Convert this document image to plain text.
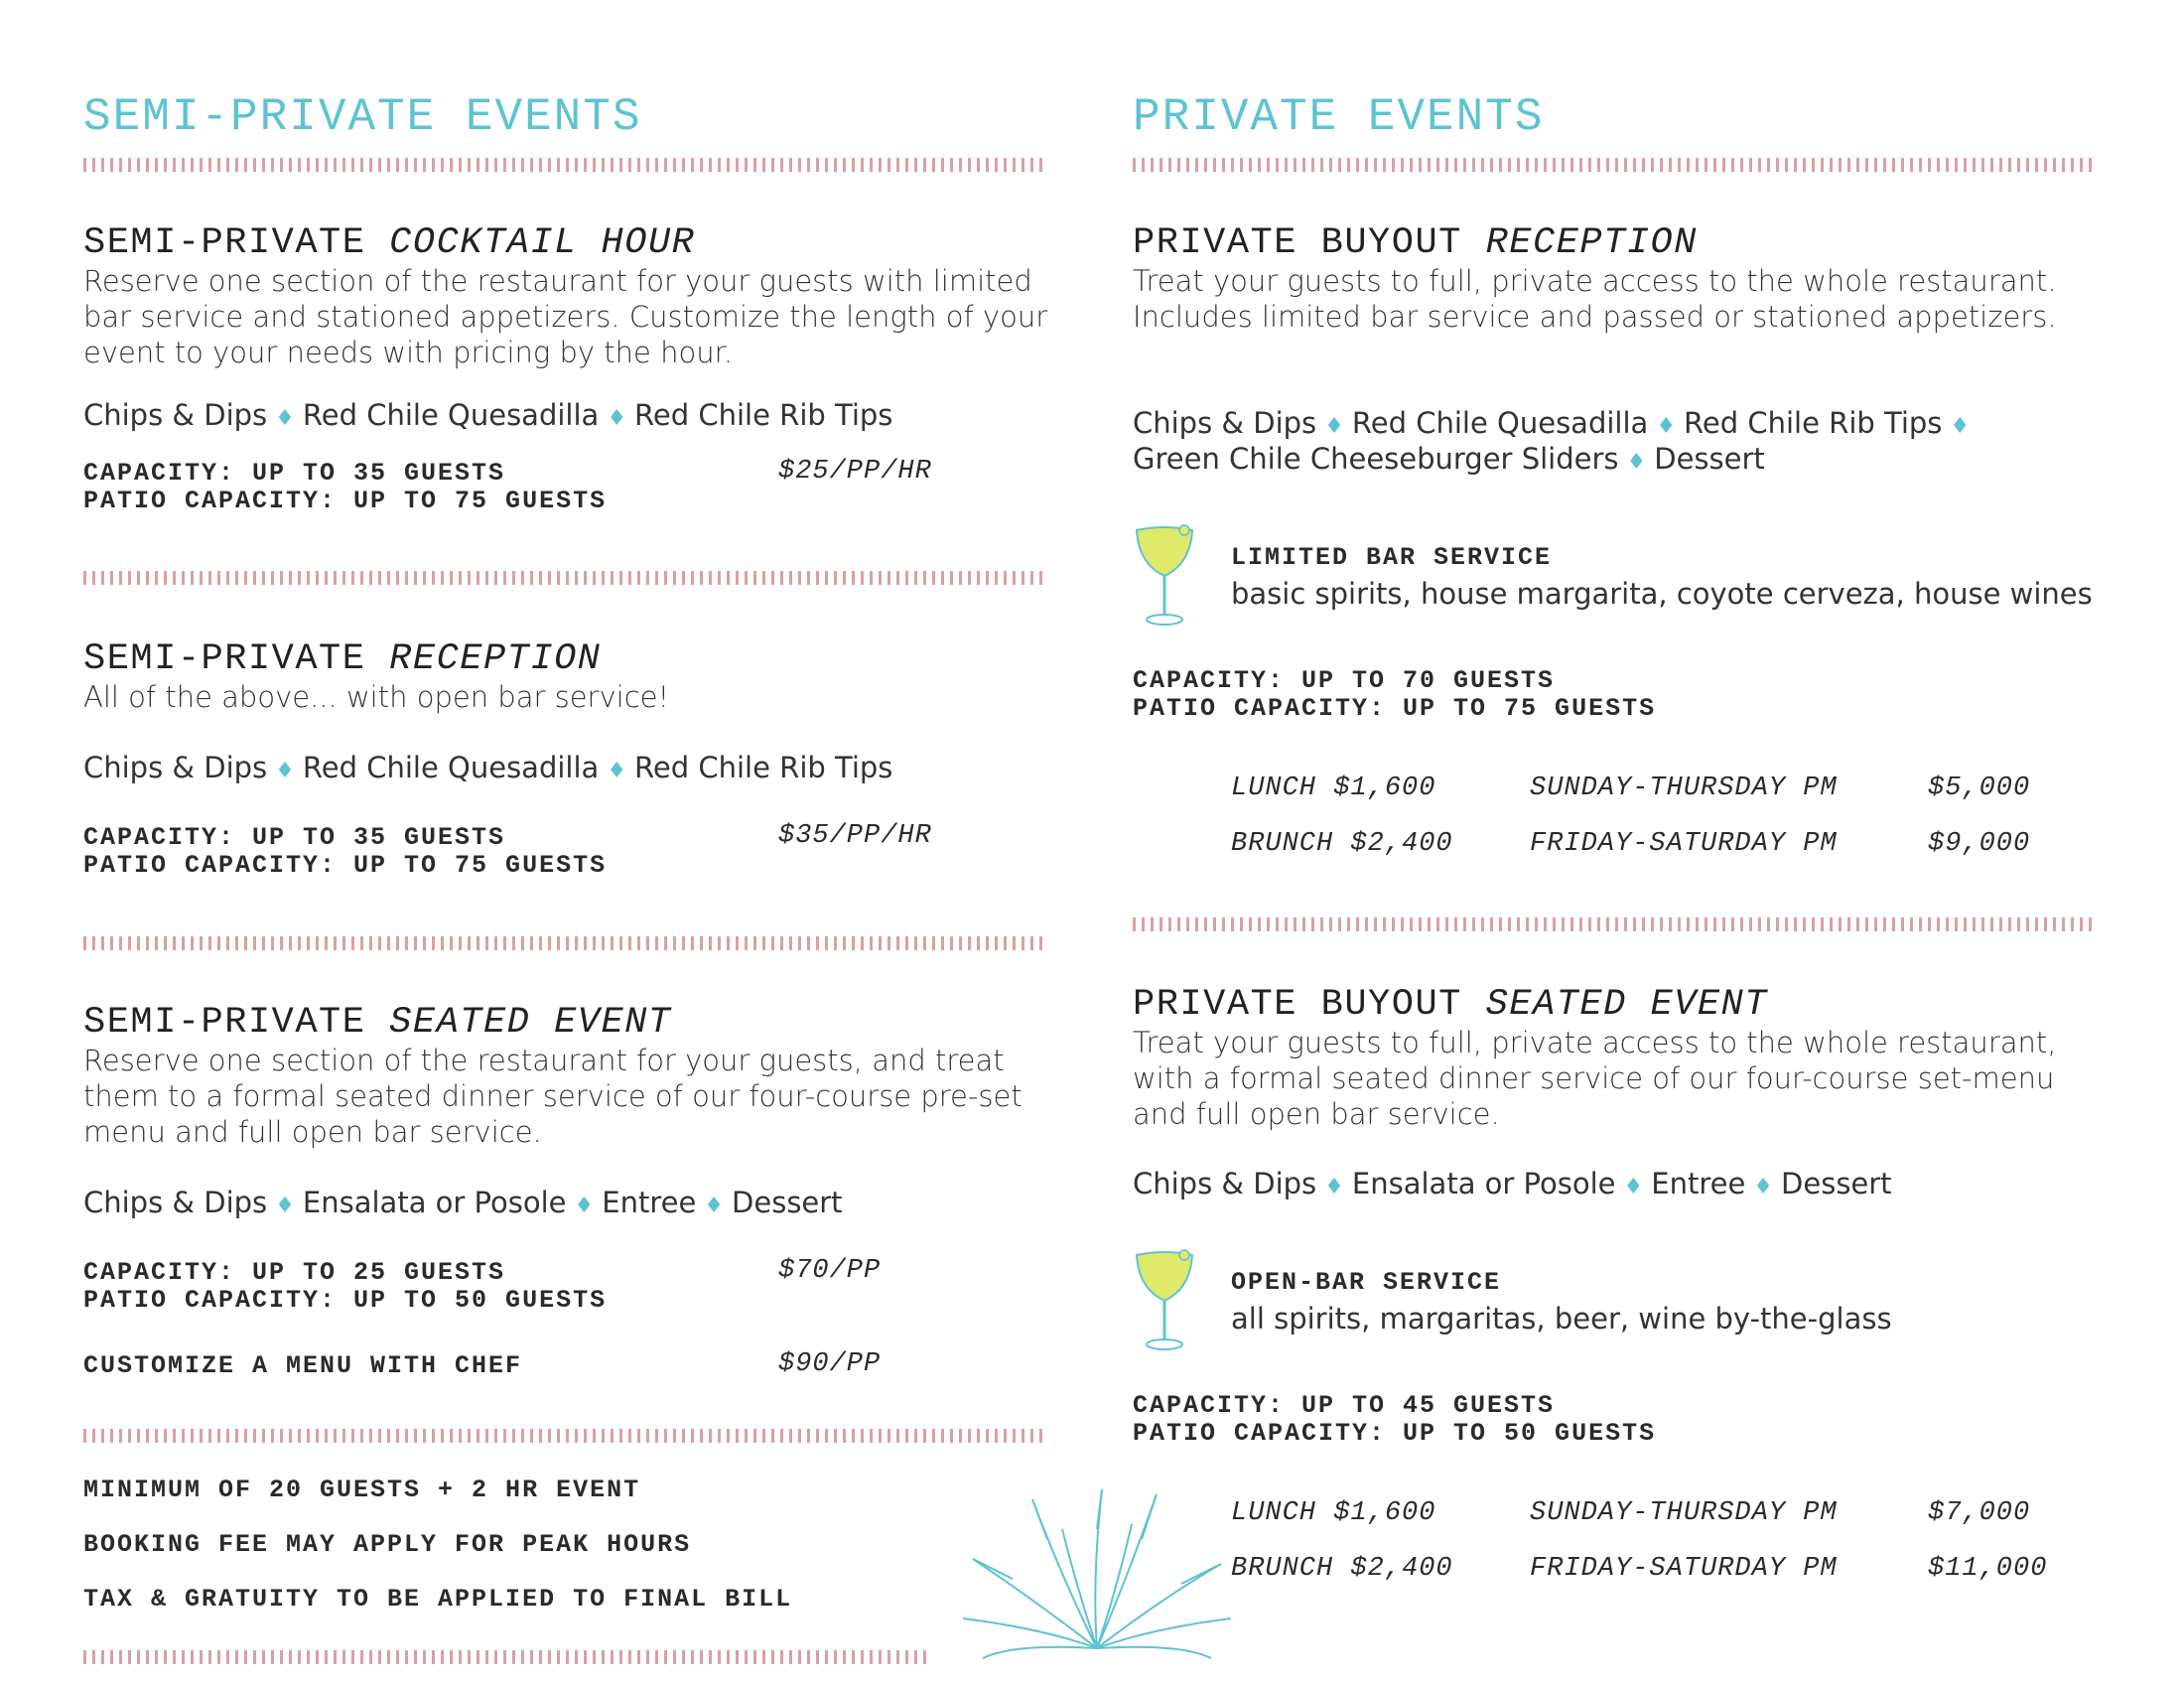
SEMI-PRIVATE EVENTS
SEMI-PRIVATE COCKTAIL HOUR
Reserve one section of the restaurant for your guests with limited bar service and stationed appetizers. Customize the length of your event to your needs with pricing by the hour.
Chips & Dips ♦ Red Chile Quesadilla ♦ Red Chile Rib Tips
CAPACITY: UP TO 35 GUESTS
PATIO CAPACITY: UP TO 75 GUESTS
$25/PP/HR
SEMI-PRIVATE RECEPTION
All of the above... with open bar service!
Chips & Dips ♦ Red Chile Quesadilla ♦ Red Chile Rib Tips
CAPACITY: UP TO 35 GUESTS
PATIO CAPACITY: UP TO 75 GUESTS
$35/PP/HR
SEMI-PRIVATE SEATED EVENT
Reserve one section of the restaurant for your guests, and treat them to a formal seated dinner service of our four-course pre-set menu and full open bar service.
Chips & Dips ♦ Ensalata or Posole ♦ Entree ♦ Dessert
CAPACITY: UP TO 25 GUESTS
PATIO CAPACITY: UP TO 50 GUESTS
$70/PP
CUSTOMIZE A MENU WITH CHEF	$90/PP
MINIMUM OF 20 GUESTS + 2 HR EVENT
BOOKING FEE MAY APPLY FOR PEAK HOURS
TAX & GRATUITY TO BE APPLIED TO FINAL BILL
PRIVATE EVENTS
PRIVATE BUYOUT RECEPTION
Treat your guests to full, private access to the whole restaurant. Includes limited bar service and passed or stationed appetizers.
Chips & Dips ♦ Red Chile Quesadilla ♦ Red Chile Rib Tips ♦
Green Chile Cheeseburger Sliders ♦ Dessert
LIMITED BAR SERVICE
basic spirits, house margarita, coyote cerveza, house wines
CAPACITY: UP TO 70 GUESTS
PATIO CAPACITY: UP TO 75 GUESTS
LUNCH $1,600	SUNDAY-THURSDAY PM	$5,000
BRUNCH $2,400	FRIDAY-SATURDAY PM	$9,000
PRIVATE BUYOUT SEATED EVENT
Treat your guests to full, private access to the whole restaurant, with a formal seated dinner service of our four-course set-menu and full open bar service.
Chips & Dips ♦ Ensalata or Posole ♦ Entree ♦ Dessert
OPEN-BAR SERVICE
all spirits, margaritas, beer, wine by-the-glass
CAPACITY: UP TO 45 GUESTS
PATIO CAPACITY: UP TO 50 GUESTS
LUNCH $1,600	SUNDAY-THURSDAY PM	$7,000
BRUNCH $2,400	FRIDAY-SATURDAY PM	$11,000
